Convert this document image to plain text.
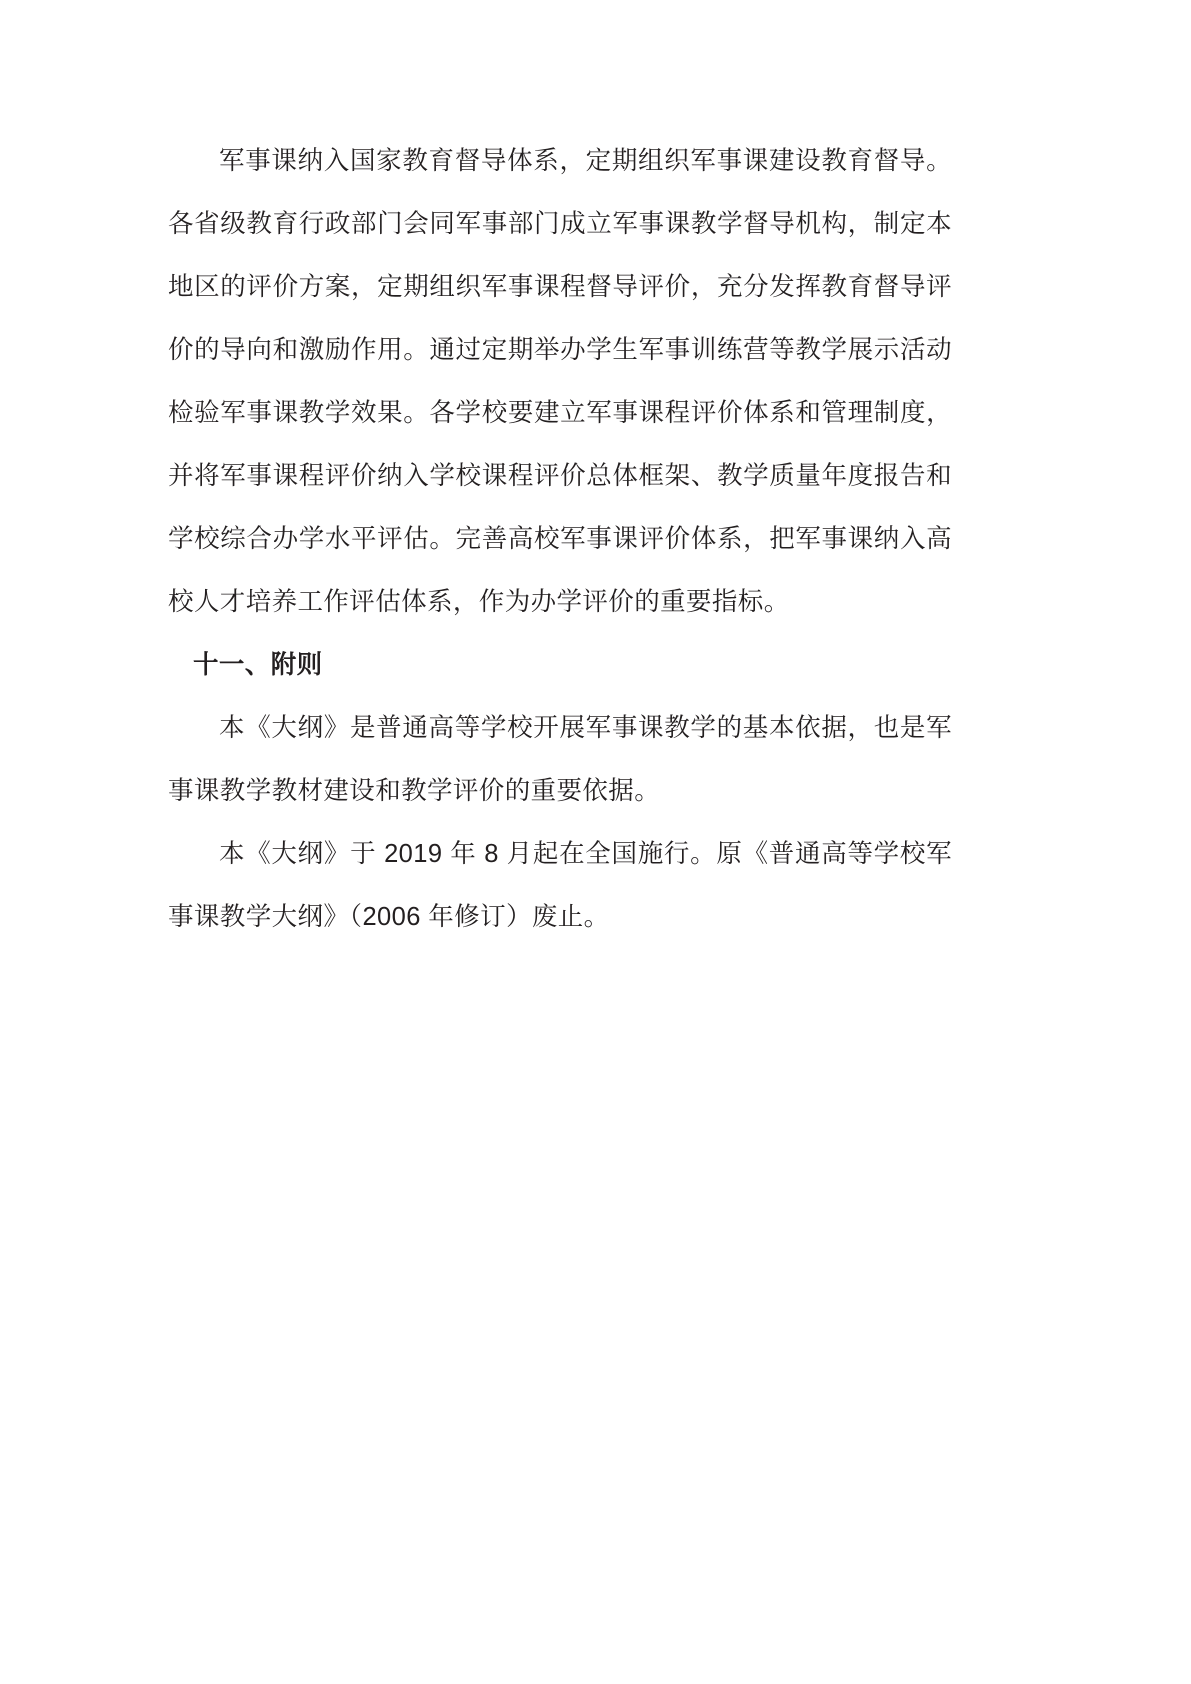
军事课纳入国家教育督导体系，定期组织军事课建设教育督导。各省级教育行政部门会同军事部门成立军事课教学督导机构，制定本地区的评价方案，定期组织军事课程督导评价，充分发挥教育督导评价的导向和激励作用。通过定期举办学生军事训练营等教学展示活动检验军事课教学效果。各学校要建立军事课程评价体系和管理制度，并将军事课程评价纳入学校课程评价总体框架、教学质量年度报告和学校综合办学水平评估。完善高校军事课评价体系，把军事课纳入高校人才培养工作评估体系，作为办学评价的重要指标。

十一、附则

本《大纲》是普通高等学校开展军事课教学的基本依据，也是军事课教学教材建设和教学评价的重要依据。

本《大纲》于 2019 年 8 月起在全国施行。原《普通高等学校军事课教学大纲》（2006 年修订）废止。
